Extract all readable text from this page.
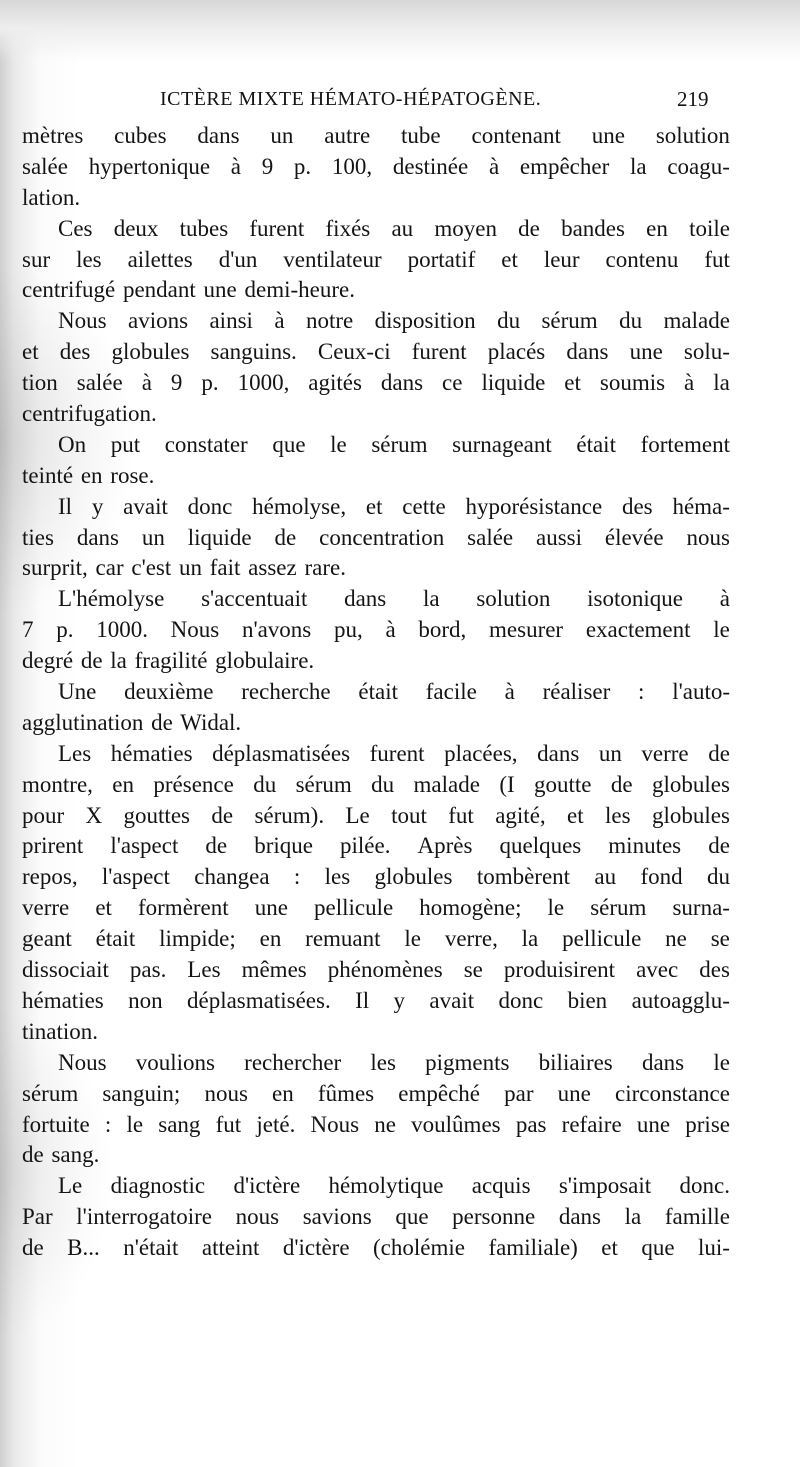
ICTÈRE MIXTE HÉMATO-HÉPATOGÈNE.	219
mètres cubes dans un autre tube contenant une solution
salée hypertonique à 9 p. 100, destinée à empêcher la coagu-
lation.
Ces deux tubes furent fixés au moyen de bandes en toile
sur les ailettes d'un ventilateur portatif et leur contenu fut
centrifugé pendant une demi-heure.
Nous avions ainsi à notre disposition du sérum du malade
et des globules sanguins. Ceux-ci furent placés dans une solu-
tion salée à 9 p. 1000, agités dans ce liquide et soumis à la
centrifugation.
On put constater que le sérum surnageant était fortement
teinté en rose.
Il y avait donc hémolyse, et cette hyporésistance des héma-
ties dans un liquide de concentration salée aussi élevée nous
surprit, car c'est un fait assez rare.
L'hémolyse s'accentuait dans la solution isotonique à
7 p. 1000. Nous n'avons pu, à bord, mesurer exactement le
degré de la fragilité globulaire.
Une deuxième recherche était facile à réaliser : l'auto-
agglutination de Widal.
Les hématies déplasmatisées furent placées, dans un verre de
montre, en présence du sérum du malade (I goutte de globules
pour X gouttes de sérum). Le tout fut agité, et les globules
prirent l'aspect de brique pilée. Après quelques minutes de
repos, l'aspect changea : les globules tombèrent au fond du
verre et formèrent une pellicule homogène; le sérum surna-
geant était limpide; en remuant le verre, la pellicule ne se
dissociait pas. Les mêmes phénomènes se produisirent avec des
hématies non déplasmatisées. Il y avait donc bien autoagglu-
tination.
Nous voulions rechercher les pigments biliaires dans le
sérum sanguin; nous en fûmes empêché par une circonstance
fortuite : le sang fut jeté. Nous ne voulûmes pas refaire une prise
de sang.
Le diagnostic d'ictère hémolytique acquis s'imposait donc.
Par l'interrogatoire nous savions que personne dans la famille
de B... n'était atteint d'ictère (cholémie familiale) et que lui-
